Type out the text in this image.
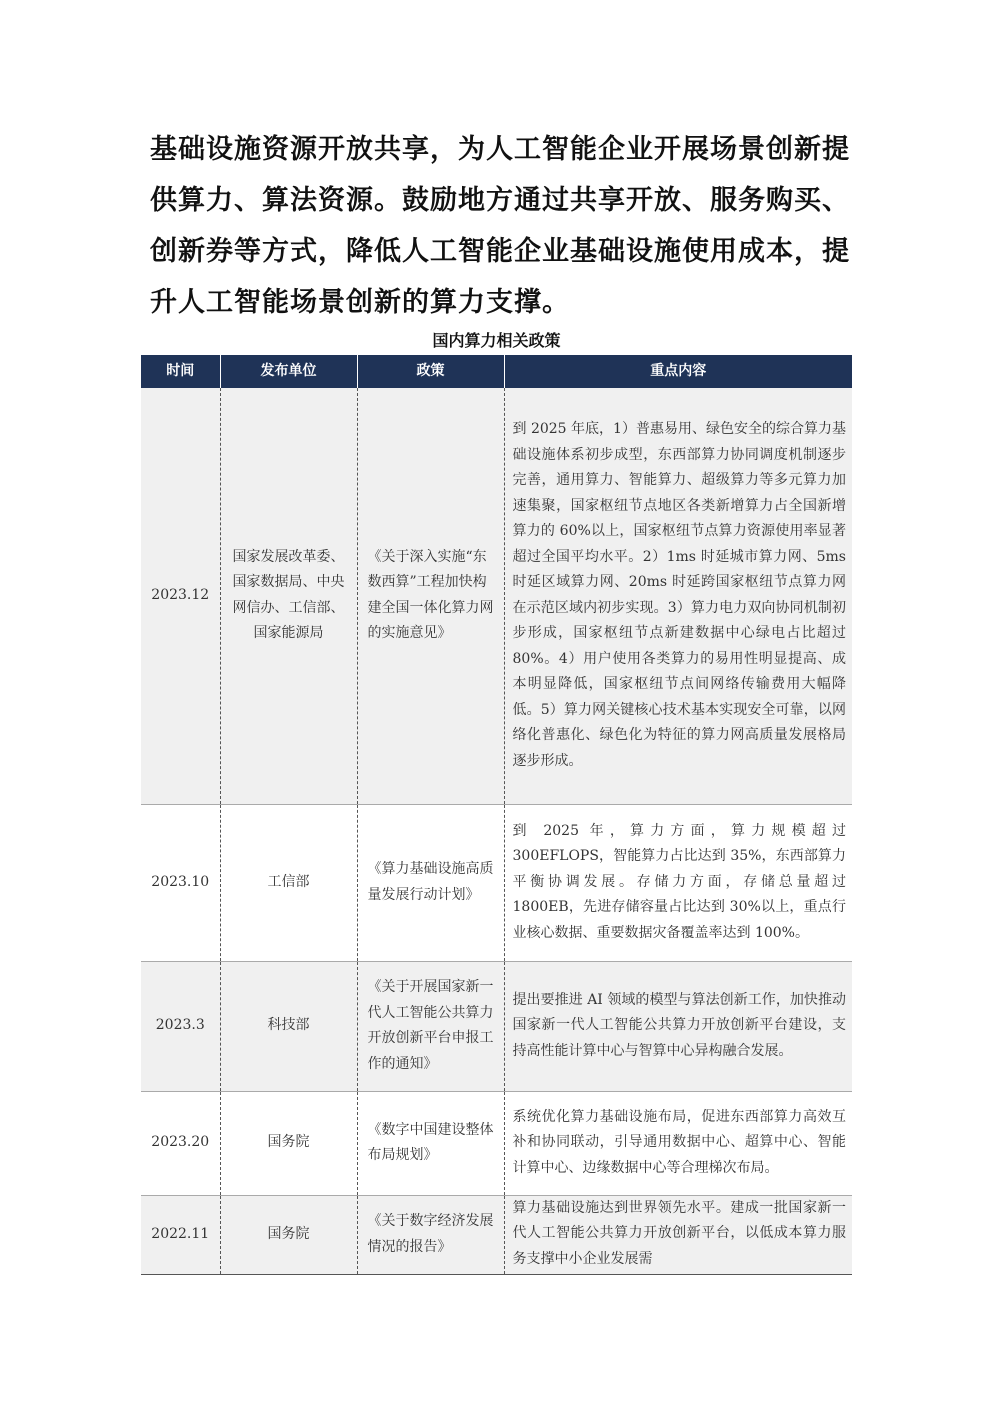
基础设施资源开放共享，为人工智能企业开展场景创新提供算力、算法资源。鼓励地方通过共享开放、服务购买、创新券等方式，降低人工智能企业基础设施使用成本，提升人工智能场景创新的算力支撑。
国内算力相关政策
时间	发布单位	政策	重点内容
2023.12	国家发展改革委、国家数据局、中央网信办、工信部、国家能源局	《关于深入实施“东数西算”工程加快构建全国一体化算力网的实施意见》	到 2025 年底，1）普惠易用、绿色安全的综合算力基础设施体系初步成型，东西部算力协同调度机制逐步完善，通用算力、智能算力、超级算力等多元算力加速集聚，国家枢纽节点地区各类新增算力占全国新增算力的 60%以上，国家枢纽节点算力资源使用率显著超过全国平均水平。2）1ms 时延城市算力网、5ms 时延区域算力网、20ms 时延跨国家枢纽节点算力网在示范区域内初步实现。3）算力电力双向协同机制初步形成，国家枢纽节点新建数据中心绿电占比超过 80%。4）用户使用各类算力的易用性明显提高、成本明显降低，国家枢纽节点间网络传输费用大幅降低。5）算力网关键核心技术基本实现安全可靠，以网络化普惠化、绿色化为特征的算力网高质量发展格局逐步形成。
2023.10	工信部	《算力基础设施高质量发展行动计划》	到 2025 年，算力方面，算力规模超过 300EFLOPS，智能算力占比达到 35%，东西部算力平衡协调发展。存储力方面，存储总量超过 1800EB，先进存储容量占比达到 30%以上，重点行业核心数据、重要数据灾备覆盖率达到 100%。
2023.3	科技部	《关于开展国家新一代人工智能公共算力开放创新平台申报工作的通知》	提出要推进 AI 领域的模型与算法创新工作，加快推动国家新一代人工智能公共算力开放创新平台建设，支持高性能计算中心与智算中心异构融合发展。
2023.20	国务院	《数字中国建设整体布局规划》	系统优化算力基础设施布局，促进东西部算力高效互补和协同联动，引导通用数据中心、超算中心、智能计算中心、边缘数据中心等合理梯次布局。
2022.11	国务院	《关于数字经济发展情况的报告》	算力基础设施达到世界领先水平。建成一批国家新一代人工智能公共算力开放创新平台，以低成本算力服务支撑中小企业发展需
